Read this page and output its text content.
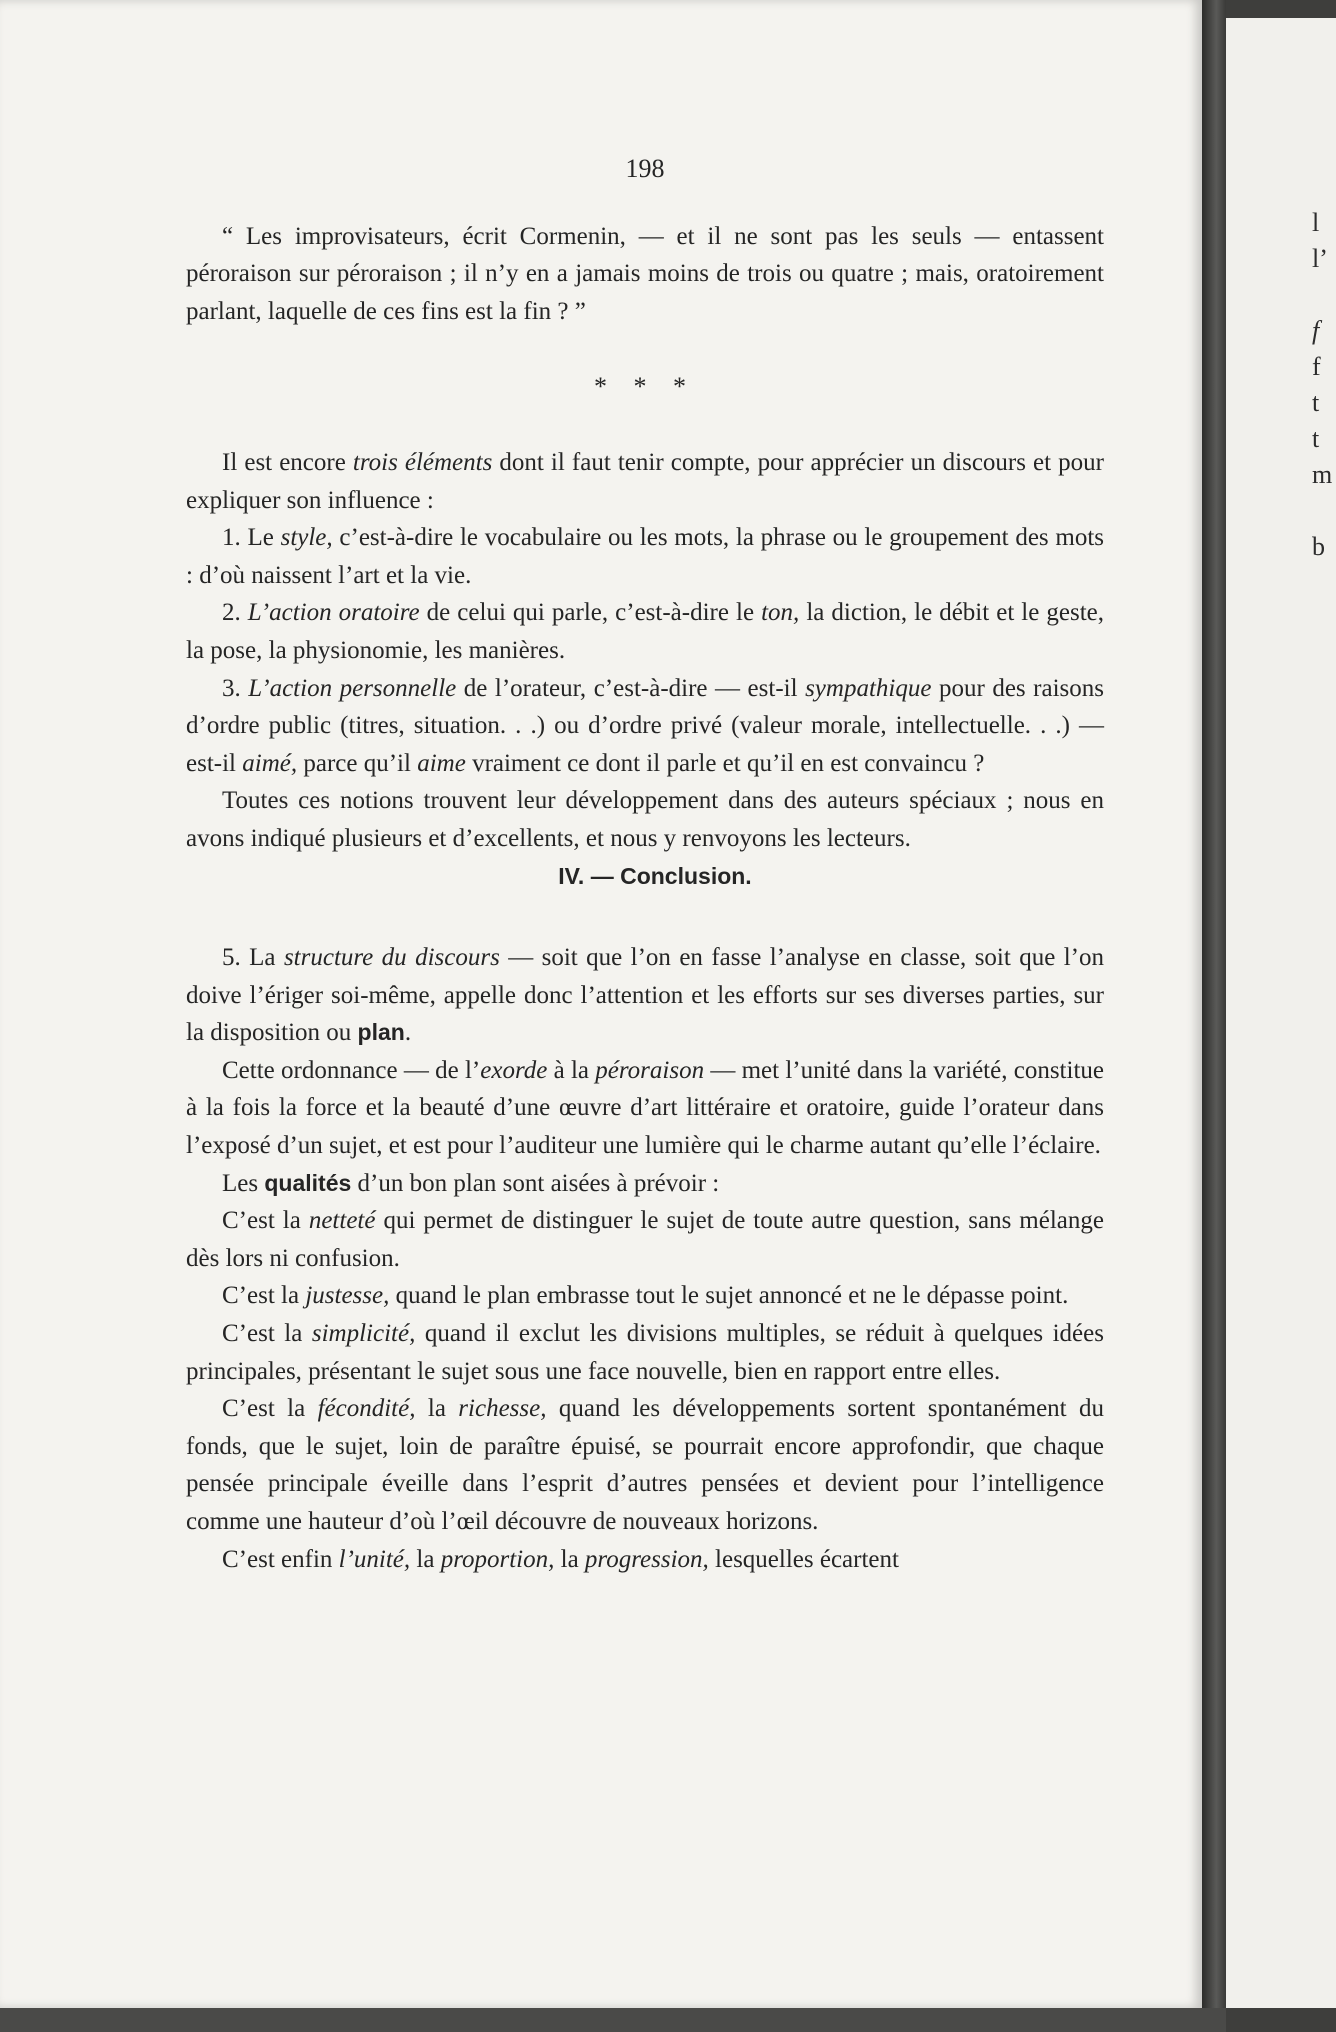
198

“ Les improvisateurs, écrit Cormenin, — et il ne sont pas les seuls — entassent péroraison sur péroraison ; il n’y en a jamais moins de trois ou quatre ; mais, oratoirement parlant, laquelle de ces fins est la fin ? ”

* * *

Il est encore trois éléments dont il faut tenir compte, pour apprécier un discours et pour expliquer son influence :

1. Le style, c’est-à-dire le vocabulaire ou les mots, la phrase ou le groupement des mots : d’où naissent l’art et la vie.

2. L’action oratoire de celui qui parle, c’est-à-dire le ton, la diction, le débit et le geste, la pose, la physionomie, les manières.

3. L’action personnelle de l’orateur, c’est-à-dire — est-il sympathique pour des raisons d’ordre public (titres, situation. . .) ou d’ordre privé (valeur morale, intellectuelle. . .) — est-il aimé, parce qu’il aime vraiment ce dont il parle et qu’il en est convaincu ?

Toutes ces notions trouvent leur développement dans des auteurs spéciaux ; nous en avons indiqué plusieurs et d’excellents, et nous y renvoyons les lecteurs.

IV. — Conclusion.

5. La structure du discours — soit que l’on en fasse l’analyse en classe, soit que l’on doive l’ériger soi-même, appelle donc l’attention et les efforts sur ses diverses parties, sur la disposition ou plan.

Cette ordonnance — de l’exorde à la péroraison — met l’unité dans la variété, constitue à la fois la force et la beauté d’une œuvre d’art littéraire et oratoire, guide l’orateur dans l’exposé d’un sujet, et est pour l’auditeur une lumière qui le charme autant qu’elle l’éclaire.

Les qualités d’un bon plan sont aisées à prévoir :

C’est la netteté qui permet de distinguer le sujet de toute autre question, sans mélange dès lors ni confusion.

C’est la justesse, quand le plan embrasse tout le sujet annoncé et ne le dépasse point.

C’est la simplicité, quand il exclut les divisions multiples, se réduit à quelques idées principales, présentant le sujet sous une face nouvelle, bien en rapport entre elles.

C’est la fécondité, la richesse, quand les développements sortent spontanément du fonds, que le sujet, loin de paraître épuisé, se pourrait encore approfondir, que chaque pensée principale éveille dans l’esprit d’autres pensées et devient pour l’intelligence comme une hauteur d’où l’œil découvre de nouveaux horizons.

C’est enfin l’unité, la proportion, la progression, lesquelles écartent

l
l’
f
f
t
t
m
b
